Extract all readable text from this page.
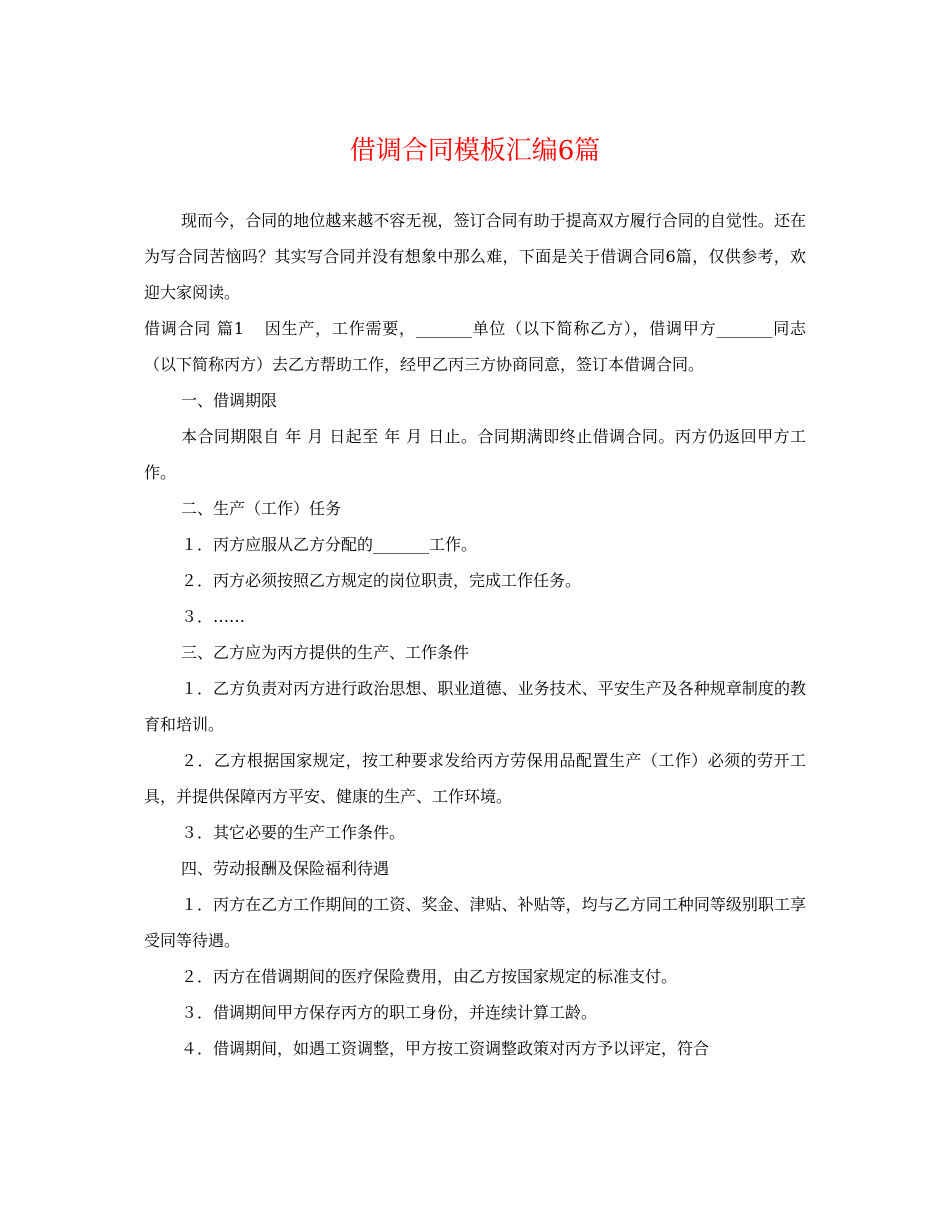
借调合同模板汇编6篇

现而今，合同的地位越来越不容无视，签订合同有助于提高双方履行合同的自觉性。还在为写合同苦恼吗？其实写合同并没有想象中那么难，下面是关于借调合同6篇，仅供参考，欢迎大家阅读。

借调合同 篇1 因生产，工作需要，_______单位（以下简称乙方），借调甲方_______同志（以下简称丙方）去乙方帮助工作，经甲乙丙三方协商同意，签订本借调合同。

一、借调期限

本合同期限自 年 月 日起至 年 月 日止。合同期满即终止借调合同。丙方仍返回甲方工作。

二、生产（工作）任务

１．丙方应服从乙方分配的_______工作。

２．丙方必须按照乙方规定的岗位职责，完成工作任务。

３．……

三、乙方应为丙方提供的生产、工作条件

１．乙方负责对丙方进行政治思想、职业道德、业务技术、平安生产及各种规章制度的教育和培训。

２．乙方根据国家规定，按工种要求发给丙方劳保用品配置生产（工作）必须的劳开工具，并提供保障丙方平安、健康的生产、工作环境。

３．其它必要的生产工作条件。

四、劳动报酬及保险福利待遇

１．丙方在乙方工作期间的工资、奖金、津贴、补贴等，均与乙方同工种同等级别职工享受同等待遇。

２．丙方在借调期间的医疗保险费用，由乙方按国家规定的标准支付。

３．借调期间甲方保存丙方的职工身份，并连续计算工龄。

４．借调期间，如遇工资调整，甲方按工资调整政策对丙方予以评定，符合
